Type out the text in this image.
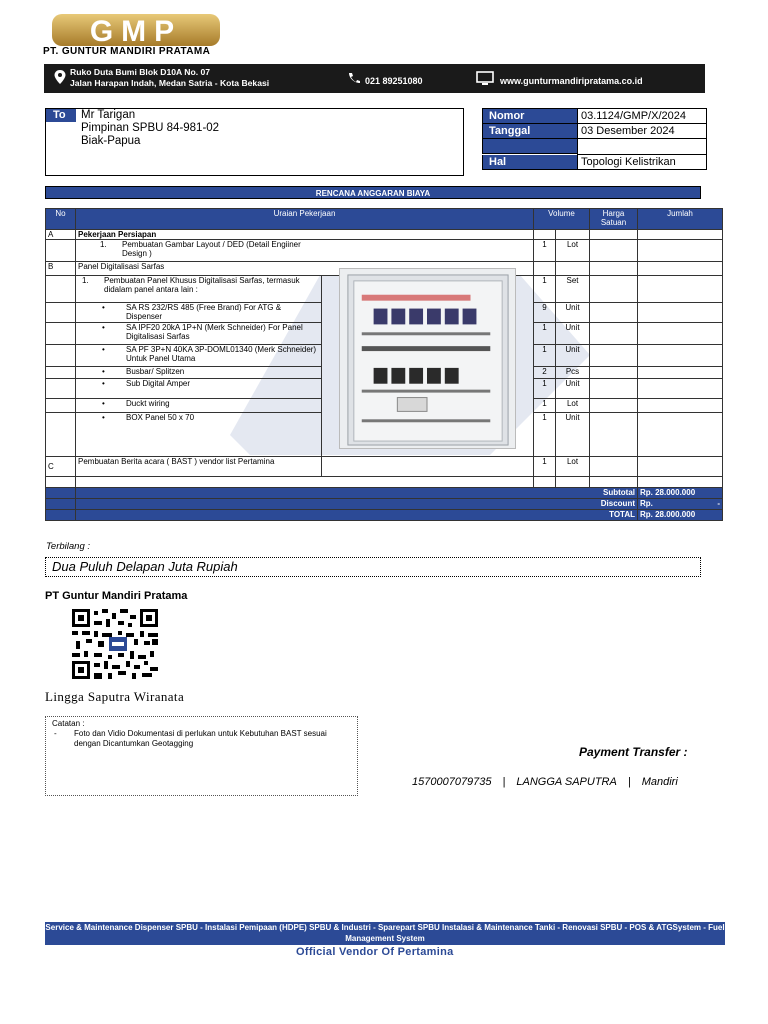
GMP
PT. GUNTUR MANDIRI PRATAMA
Ruko Duta Bumi Blok D10A No. 07
Jalan Harapan Indah, Medan Satria - Kota Bekasi	021 89251080	www.gunturmandiripratama.co.id
To	Mr Tarigan
Pimpinan SPBU 84-981-02
Biak-Papua
Nomor	03.1124/GMP/X/2024
Tanggal	03 Desember 2024
Hal	Topologi Kelistrikan
RENCANA ANGGARAN BIAYA
No	Uraian Pekerjaan		Volume		Harga Satuan	Jumlah
A	Pekerjaan Persiapan					

	1. Pembuatan Gambar Layout / DED (Detail Engiiner Design )		1	Lot		
B	Panel Digitalisasi Sarfas					

	1. Pembuatan Panel Khusus Digitalisasi Sarfas, termasuk didalam panel antara lain :		1	Set		

	• SA RS 232/RS 485 (Free Brand) For ATG & Dispenser		9	Unit		

	• SA IPF20 20kA 1P+N (Merk Schneider) For Panel Digitalisasi Sarfas		1	Unit		

	• SA PF 3P+N 40KA 3P-DOML01340 (Merk Schneider) Untuk Panel Utama		1	Unit		

	• Busbar/ Splitzen		2	Pcs		

	• Sub Digital Amper		1	Unit		

	• Duckt wiring		1	Lot		

	• BOX Panel 50 x 70		1	Unit		
C	Pembuatan Berita acara ( BAST ) vendor list Pertamina		1	Lot		

	Subtotal					Rp. 28.000.000
	Discount					Rp. -

	TOTAL					Rp. 28.000.000
Terbilang :
Dua Puluh Delapan Juta Rupiah
PT Guntur Mandiri Pratama
Lingga Saputra Wiranata
Catatan :
-	Foto dan Vidio Dokumentasi di perlukan untuk Kebutuhan BAST sesuai dengan Dicantumkan Geotagging
Payment Transfer :
1570007079735 | LANGGA SAPUTRA | Mandiri
Service & Maintenance Dispenser SPBU - Instalasi Pemipaan (HDPE) SPBU & Industri - Sparepart SPBU Instalasi & Maintenance Tanki - Renovasi SPBU - POS & ATGSystem - Fuel Management System
Official Vendor Of Pertamina
